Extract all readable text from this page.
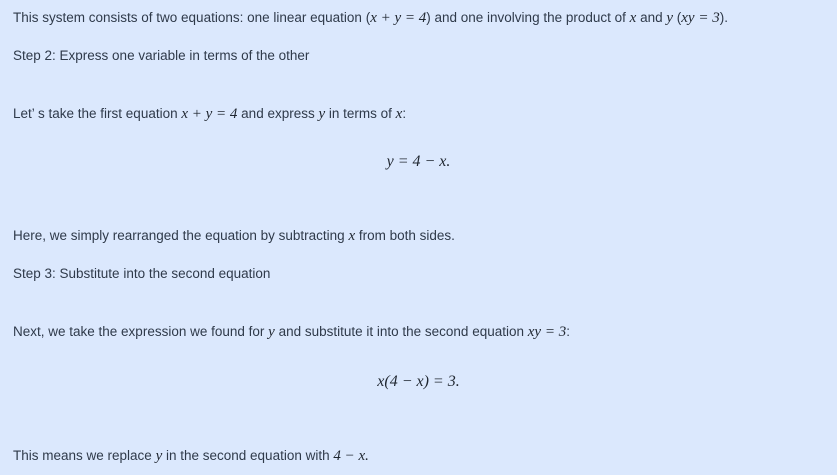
This system consists of two equations: one linear equation (x + y = 4) and one involving the product of x and y (xy = 3).

Step 2: Express one variable in terms of the other

Let’ s take the first equation x + y = 4 and express y in terms of x:

y = 4 − x.

Here, we simply rearranged the equation by subtracting x from both sides.

Step 3: Substitute into the second equation

Next, we take the expression we found for y and substitute it into the second equation xy = 3:

x(4 − x) = 3.

This means we replace y in the second equation with 4 − x.
